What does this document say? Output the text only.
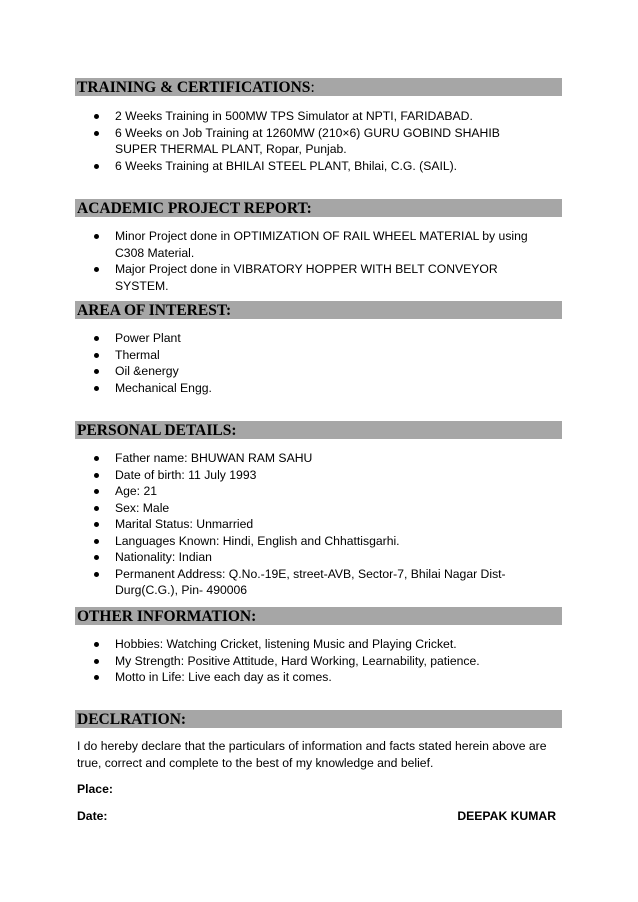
TRAINING & CERTIFICATIONS:
2 Weeks Training in 500MW TPS Simulator at NPTI, FARIDABAD.
6 Weeks on Job Training at 1260MW (210×6) GURU GOBIND SHAHIB SUPER THERMAL PLANT, Ropar, Punjab.
6 Weeks Training at BHILAI STEEL PLANT, Bhilai, C.G. (SAIL).
ACADEMIC PROJECT REPORT:
Minor Project done in OPTIMIZATION OF RAIL WHEEL MATERIAL by using C308 Material.
Major Project done in VIBRATORY HOPPER WITH BELT CONVEYOR SYSTEM.
AREA OF INTEREST:
Power Plant
Thermal
Oil &energy
Mechanical Engg.
PERSONAL DETAILS:
Father name: BHUWAN RAM SAHU
Date of birth: 11 July 1993
Age: 21
Sex: Male
Marital Status: Unmarried
Languages Known: Hindi, English and Chhattisgarhi.
Nationality: Indian
Permanent Address: Q.No.-19E, street-AVB, Sector-7, Bhilai Nagar Dist-Durg(C.G.), Pin- 490006
OTHER INFORMATION:
Hobbies: Watching Cricket, listening Music and Playing Cricket.
My Strength: Positive Attitude, Hard Working, Learnability, patience.
Motto in Life: Live each day as it comes.
DECLRATION:

I do hereby declare that the particulars of information and facts stated herein above are true, correct and complete to the best of my knowledge and belief.

Place:
Date:	DEEPAK KUMAR
